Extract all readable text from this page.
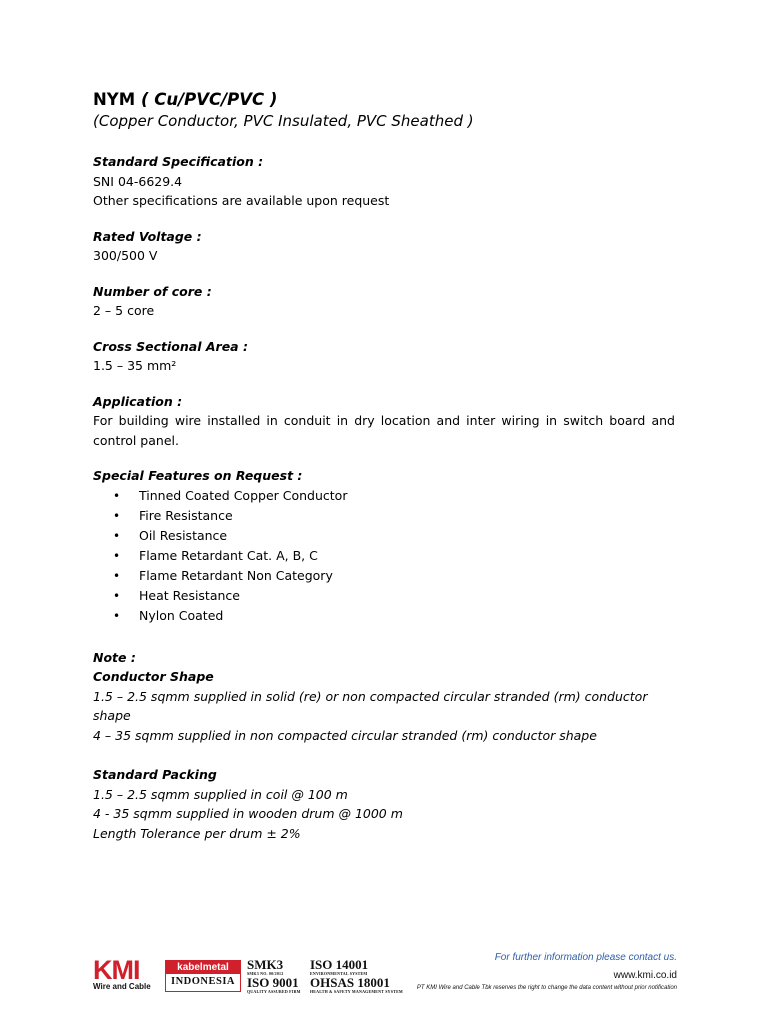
NYM ( Cu/PVC/PVC )

(Copper Conductor, PVC Insulated, PVC Sheathed )

Standard Specification :
SNI 04-6629.4
Other specifications are available upon request
Rated Voltage :
300/500 V
Number of core :
2 – 5 core
Cross Sectional Area :
1.5 – 35 mm²
Application :
For building wire installed in conduit in dry location and inter wiring in switch board and control panel.
Special Features on Request :
• Tinned Coated Copper Conductor
• Fire Resistance
• Oil Resistance
• Flame Retardant Cat. A, B, C
• Flame Retardant Non Category
• Heat Resistance
• Nylon Coated
Note :
Conductor Shape
1.5 – 2.5 sqmm supplied in solid (re) or non compacted circular stranded (rm) conductor shape
4 – 35 sqmm supplied in non compacted circular stranded (rm) conductor shape
Standard Packing
1.5 – 2.5 sqmm supplied in coil @ 100 m
4 - 35 sqmm supplied in wooden drum @ 1000 m
Length Tolerance per drum ± 2%
KMI
Wire and Cable
kabelmetal
INDONESIA
SMK3
SMK3 NO. 00/2012
ISO 9001
QUALITY ASSURED FIRM
ISO 14001
ENVIRONMENTAL SYSTEM
OHSAS 18001
HEALTH & SAFETY MANAGEMENT SYSTEM
For further information please contact us.
www.kmi.co.id
PT KMI Wire and Cable Tbk reserves the right to change the data content without prior notification
